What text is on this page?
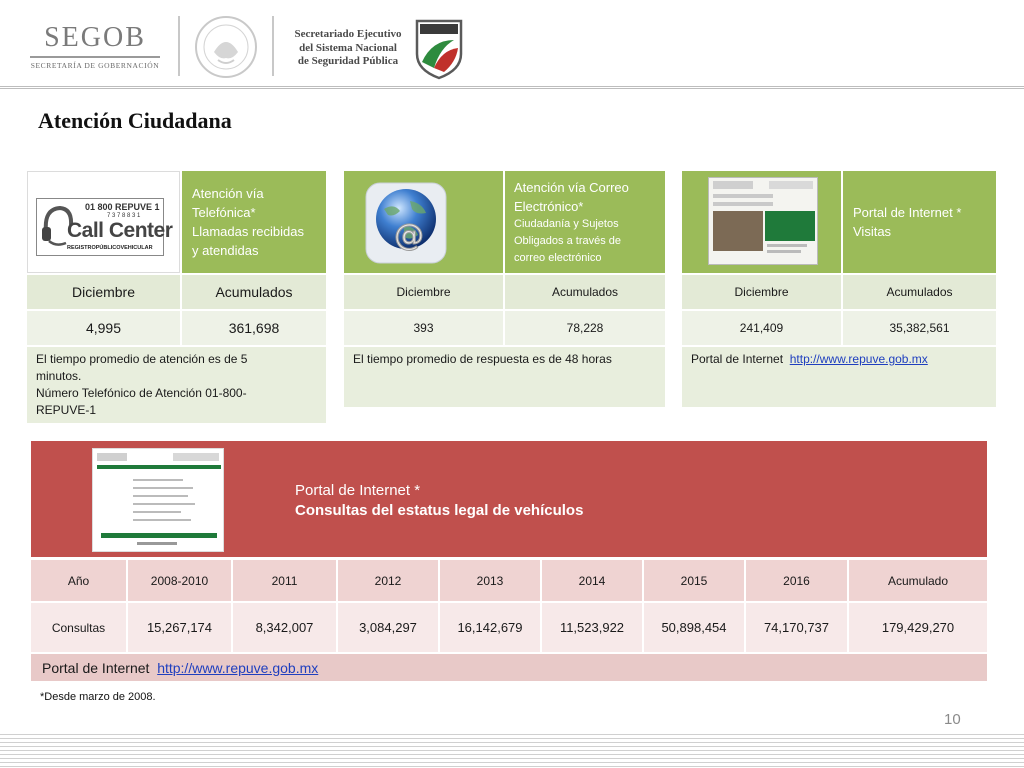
SEGOB
SECRETARÍA DE GOBERNACIÓN
Secretariado Ejecutivo
del Sistema Nacional
de Seguridad Pública
Atención Ciudadana
01 800 REPUVE 1
7 3 7 8 8 3 1
Call Center
REGISTROPÚBLICOVEHICULAR
Atención vía
Telefónica*
Llamadas recibidas
y atendidas
Diciembre	Acumulados
4,995	361,698
El tiempo promedio de atención es de 5
minutos.
Número Telefónico de Atención 01-800-
REPUVE-1
@
Atención vía Correo
Electrónico*
Ciudadanía y Sujetos
Obligados a través de
correo electrónico
Diciembre	Acumulados
393	78,228
El tiempo promedio de respuesta es de 48 horas
Portal de Internet *
Visitas
Diciembre	Acumulados
241,409	35,382,561
Portal de Internet http://www.repuve.gob.mx
Portal de Internet *
Consultas del estatus legal de vehículos
Año	2008-2010	2011	2012	2013	2014	2015	2016	Acumulado
Consultas	15,267,174	8,342,007	3,084,297	16,142,679	11,523,922	50,898,454	74,170,737	179,429,270
Portal de Internet http://www.repuve.gob.mx
*Desde marzo de 2008.
10
